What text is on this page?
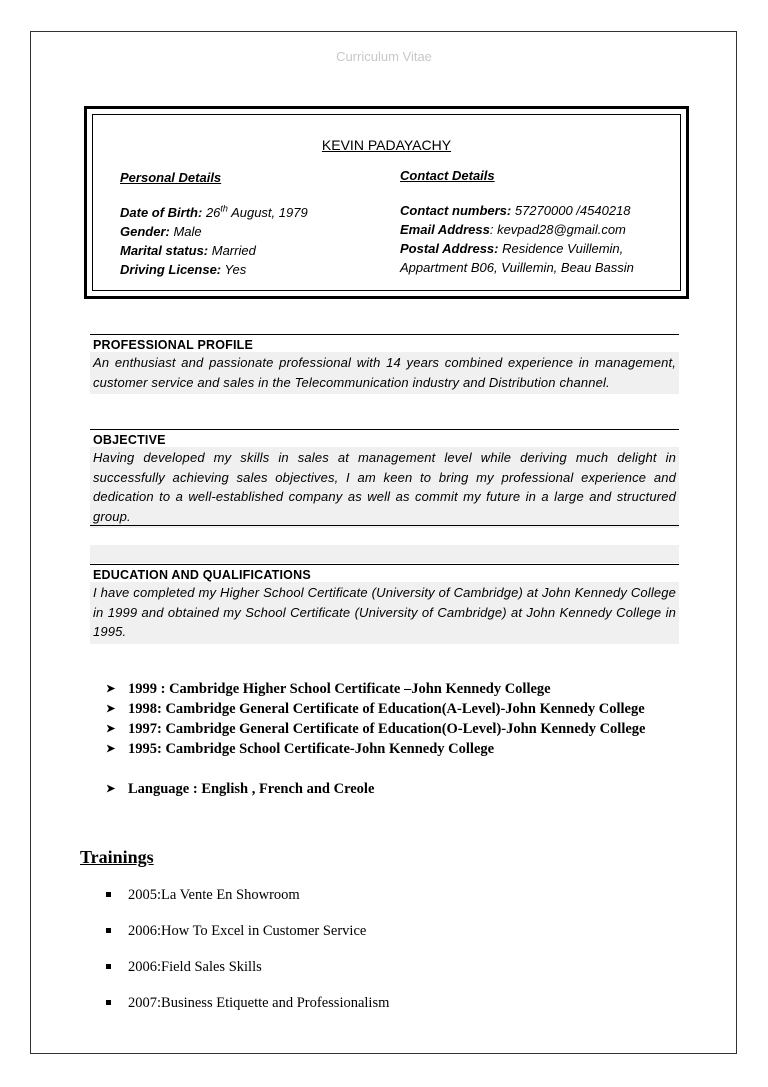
Curriculum Vitae
KEVIN PADAYACHY
Personal Details
Date of Birth: 26th August, 1979
Gender: Male
Marital status: Married
Driving License: Yes
Contact Details
Contact numbers: 57270000 /4540218
Email Address: kevpad28@gmail.com
Postal Address: Residence Vuillemin,
Appartment B06, Vuillemin, Beau Bassin
PROFESSIONAL PROFILE
An enthusiast and passionate professional with 14 years combined experience in management, customer service and sales in the Telecommunication industry and Distribution channel.
OBJECTIVE
Having developed my skills in sales at management level while deriving much delight in successfully achieving sales objectives, I am keen to bring my professional experience and dedication to a well-established company as well as commit my future in a large and structured group.
EDUCATION AND QUALIFICATIONS
I have completed my Higher School Certificate (University of Cambridge) at John Kennedy College in 1999 and obtained my School Certificate (University of Cambridge) at John Kennedy College in 1995.
➤ 1999 : Cambridge Higher School Certificate –John Kennedy College
➤ 1998: Cambridge General Certificate of Education(A-Level)-John Kennedy College
➤ 1997: Cambridge General Certificate of Education(O-Level)-John Kennedy College
➤ 1995: Cambridge School Certificate-John Kennedy College
➤ Language : English , French and Creole
Trainings
2005:La Vente En Showroom
2006:How To Excel in Customer Service
2006:Field Sales Skills
2007:Business Etiquette and Professionalism
